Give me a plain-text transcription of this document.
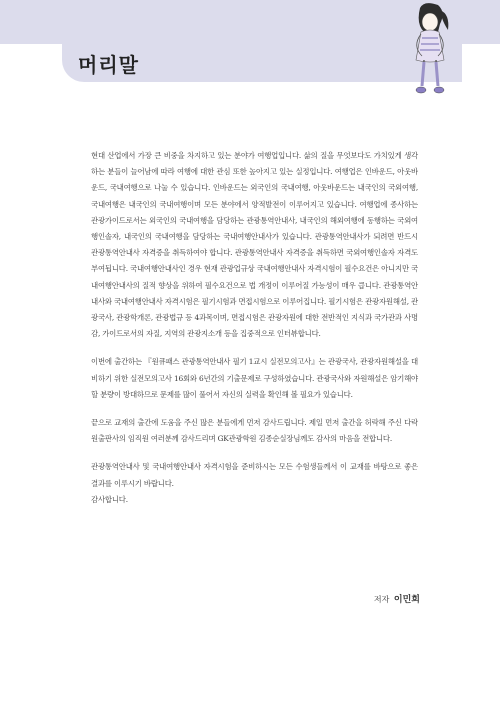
머리말

현대 산업에서 가장 큰 비중을 차지하고 있는 분야가 여행업입니다. 삶의 질을 무엇보다도 가치있게 생각하는 분들이 늘어남에 따라 여행에 대한 관심 또한 높아지고 있는 실정입니다. 여행업은 인바운드, 아웃바운드, 국내여행으로 나눌 수 있습니다. 인바운드는 외국인의 국내여행, 아웃바운드는 내국인의 국외여행, 국내여행은 내국인의 국내여행이며 모든 분야에서 양적발전이 이루어지고 있습니다. 여행업에 종사하는 관광가이드로서는 외국인의 국내여행을 담당하는 관광통역안내사, 내국인의 해외여행에 동행하는 국외여행인솔자, 내국인의 국내여행을 담당하는 국내여행안내사가 있습니다. 관광통역안내사가 되려면 반드시 관광통역안내사 자격증을 취득하여야 합니다. 관광통역안내사 자격증을 취득하면 국외여행인솔자 자격도 부여됩니다. 국내여행안내사인 경우 현재 관광업규상 국내여행안내사 자격시험이 필수요건은 아니지만 국내여행안내사의 질적 향상을 위하여 필수요건으로 법 개정이 이루어질 가능성이 매우 큽니다. 관광통역안내사와 국내여행안내사 자격시험은 필기시험과 면접시험으로 이루어집니다. 필기시험은 관광자원해설, 관광국사, 관광학개론, 관광법규 등 4과목이며, 면접시험은 관광자원에 대한 전반적인 지식과 국가관과 사명감, 가이드로서의 자질, 지역의 관광지소개 등을 집중적으로 인터뷰합니다.

이번에 출간하는 『원큐패스 관광통역안내사 필기 1교시 실전모의고사』는 관광국사, 관광자원해설을 대비하기 위한 실전모의고사 16회와 6년간의 기출문제로 구성하였습니다. 관광국사와 자원해설은 암기해야 할 분량이 방대하므로 문제를 많이 풀어서 자신의 실력을 확인해 볼 필요가 있습니다.

끝으로 교재의 출간에 도움을 주신 많은 분들에게 먼저 감사드립니다. 제일 먼저 출간을 허락해 주신 다락원출판사의 임직원 여러분께 감사드리며 GK관광학원 김종순실장님께도 감사의 마음을 전합니다.

관광통역안내사 및 국내여행안내사 자격시험을 준비하시는 모든 수험생들께서 이 교재를 바탕으로 좋은 결과를 이루시기 바랍니다.

감사합니다.

저자 이민희
